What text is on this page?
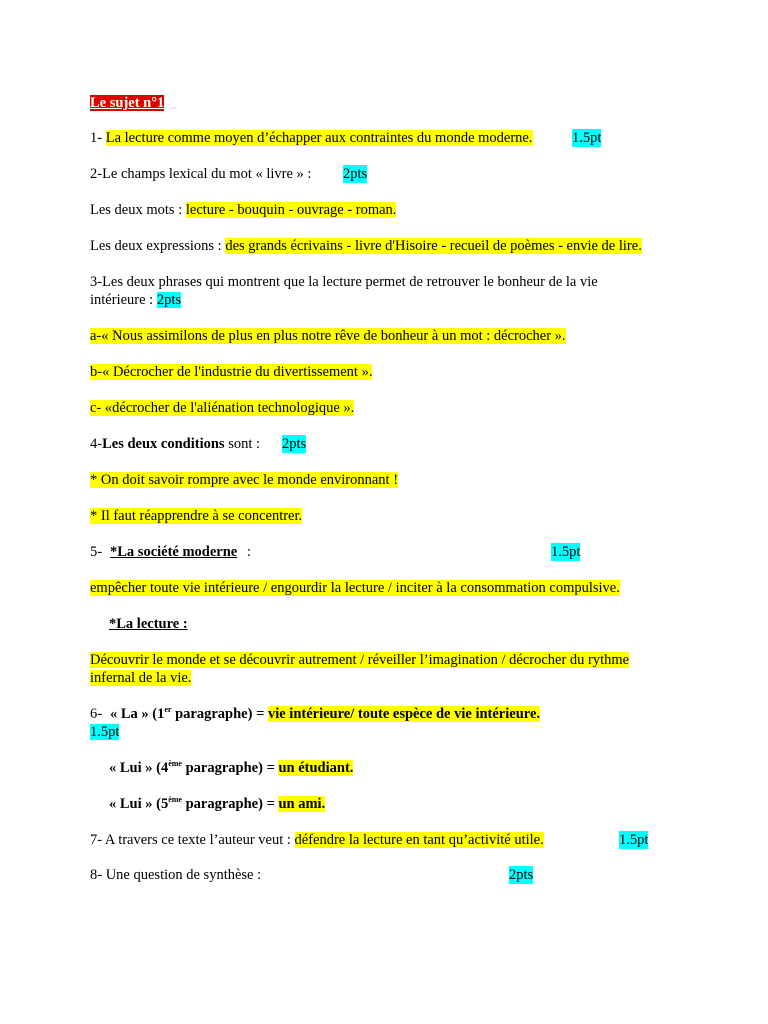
Le sujet n°1
1- La lecture comme moyen d’échapper aux contraintes du monde moderne.	1.5pt
2-Le champs lexical du mot « livre » : 2pts
Les deux mots : lecture - bouquin - ouvrage - roman.
Les deux expressions : des grands écrivains - livre d'Hisoire - recueil de poèmes - envie de lire.
3-Les deux phrases qui montrent que la lecture permet de retrouver le bonheur de la vie intérieure : 2pts
a-« Nous assimilons de plus en plus notre rêve de bonheur à un mot : décrocher ».
b-« Décrocher de l'industrie du divertissement ».
c- «décrocher de l'aliénation technologique ».
4-Les deux conditions sont : 2pts
* On doit savoir rompre avec le monde environnant !
* Il faut réapprendre à se concentrer.
5- *La société moderne :	1.5pt
empêcher toute vie intérieure / engourdir la lecture / inciter à la consommation compulsive.
*La lecture :
Découvrir le monde et se découvrir autrement / réveiller l’imagination / décrocher du rythme infernal de la vie.
6- « La » (1er paragraphe) = vie intérieure/ toute espèce de vie intérieure.
1.5pt
« Lui » (4ème paragraphe) = un étudiant.
« Lui » (5ème paragraphe) = un ami.
7- A travers ce texte l’auteur veut : défendre la lecture en tant qu’activité utile.	1.5pt
8- Une question de synthèse :	2pts
